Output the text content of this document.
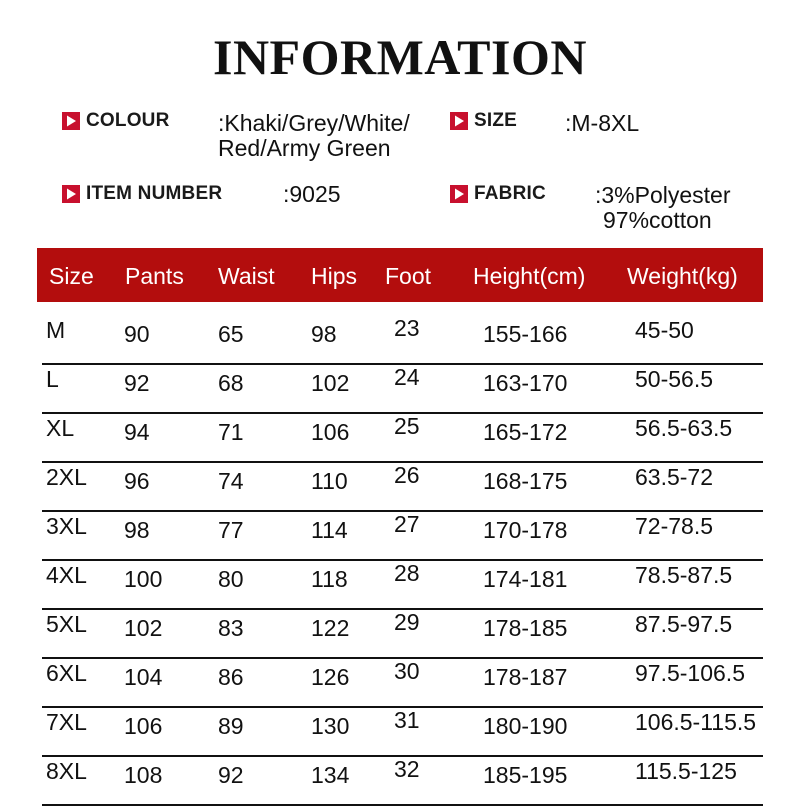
INFORMATION
COLOUR :Khaki/Grey/White/
Red/Army Green
SIZE :M-8XL
ITEM NUMBER	:9025	FABRIC :3%Polyester
97%cotton
Size Pants Waist Hips Foot Height(cm) Weight(kg)
M	90	65	98 23	155-166	45-50
L	92	68	102 24	163-170	50-56.5
XL 94	71	106 25	165-172	56.5-63.5
2XL 96	74	110 26	168-175	63.5-72
3XL 98	77	114 27	170-178	72-78.5
4XL 100 80	118 28	174-181	78.5-87.5
5XL 102 83	122 29	178-185	87.5-97.5
6XL 104 86	126 30	178-187	97.5-106.5
7XL 106 89	130 31	180-190	106.5-115.5
8XL 108 92	134 32	185-195	115.5-125
